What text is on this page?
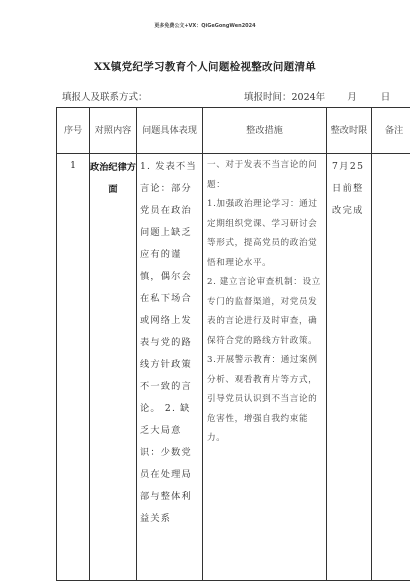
更多免费公文+VX：QiGeGongWen2024
XX镇党纪学习教育个人问题检视整改问题清单
填报人及联系方式：	填报时间：2024年 月	日
序号	对照内容	问题具体表现	整改措施	整改时限	备注
1	政治纪律方面	1. 发表不当言论：部分党员在政治问题上缺乏应有的谨慎，偶尔会在私下场合或网络上发表与党的路线方针政策不一致的言论。 2. 缺乏大局意识：少数党员在处理局部与整体利益关系	一、对于发表不当言论的问题：
1.加强政治理论学习：通过定期组织党课、学习研讨会等形式，提高党员的政治觉悟和理论水平。
2. 建立言论审查机制：设立专门的监督渠道，对党员发表的言论进行及时审查，确保符合党的路线方针政策。
3.开展警示教育：通过案例分析、观看教育片等方式，引导党员认识到不当言论的危害性，增强自我约束能力。	7月25日前整改完成	
